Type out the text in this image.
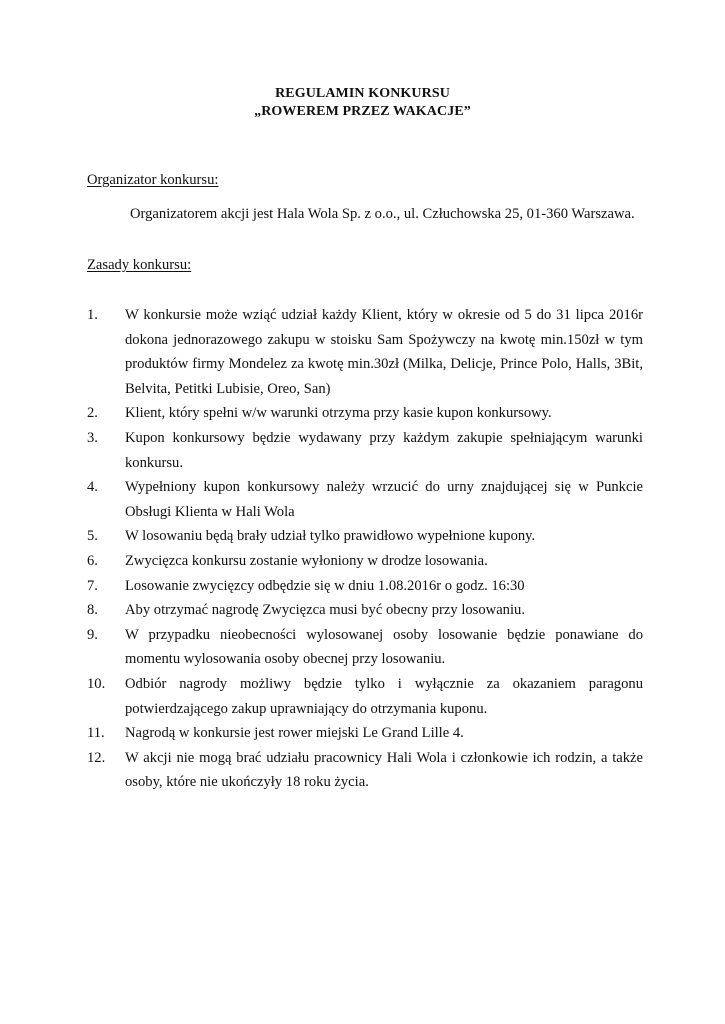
REGULAMIN KONKURSU
„ROWEREM PRZEZ WAKACJE”
Organizator konkursu:
Organizatorem akcji jest Hala Wola Sp. z o.o., ul. Człuchowska 25, 01-360 Warszawa.
Zasady konkursu:
1.	W konkursie może wziąć udział każdy Klient, który w okresie od 5 do 31 lipca 2016r dokona jednorazowego zakupu w stoisku Sam Spożywczy na kwotę min.150zł w tym produktów firmy Mondelez za kwotę min.30zł (Milka, Delicje, Prince Polo, Halls, 3Bit, Belvita, Petitki Lubisie, Oreo, San)
2.	Klient, który spełni w/w warunki otrzyma przy kasie kupon konkursowy.
3.	Kupon konkursowy będzie wydawany przy każdym zakupie spełniającym warunki konkursu.
4.	Wypełniony kupon konkursowy należy wrzucić do urny znajdującej się w Punkcie Obsługi Klienta w Hali Wola
5.	W losowaniu będą brały udział tylko prawidłowo wypełnione kupony.
6.	Zwycięzca konkursu zostanie wyłoniony w drodze losowania.
7.	Losowanie zwycięzcy odbędzie się w dniu 1.08.2016r o godz. 16:30
8.	Aby otrzymać nagrodę Zwycięzca musi być obecny przy losowaniu.
9.	W przypadku nieobecności wylosowanej osoby losowanie będzie ponawiane do momentu wylosowania osoby obecnej przy losowaniu.
10.	Odbiór nagrody możliwy będzie tylko i wyłącznie za okazaniem paragonu potwierdzającego zakup uprawniający do otrzymania kuponu.
11.	Nagrodą w konkursie jest rower miejski Le Grand Lille 4.
12.	W akcji nie mogą brać udziału pracownicy Hali Wola i członkowie ich rodzin, a także osoby, które nie ukończyły 18 roku życia.
